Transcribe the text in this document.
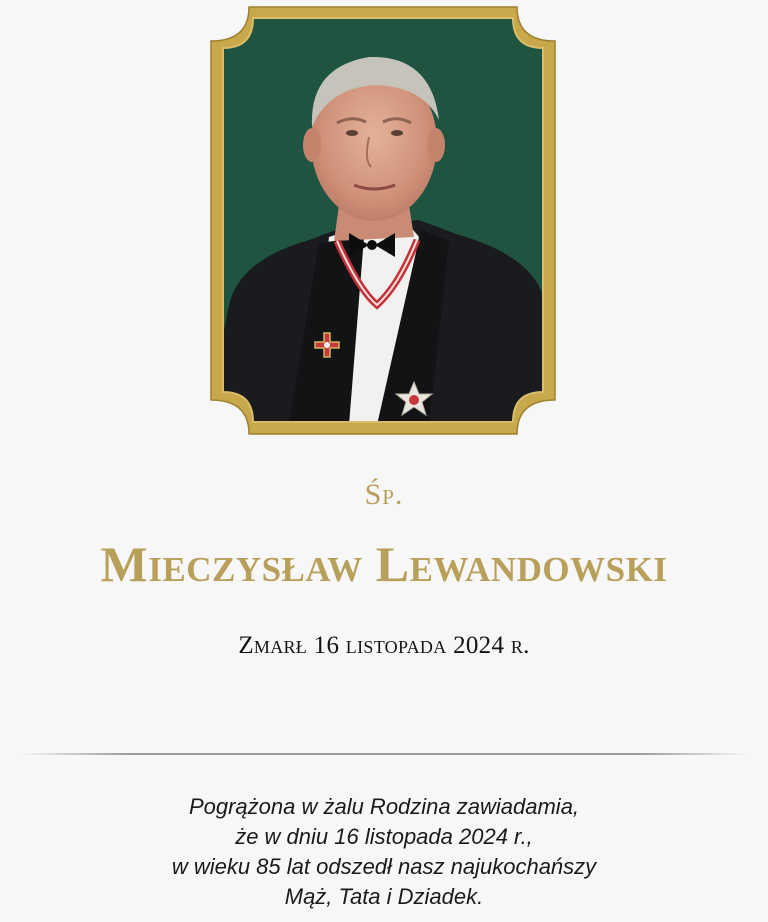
Śp.
Mieczysław Lewandowski
Zmarł 16 listopada 2024 r.
Pogrążona w żalu Rodzina zawiadamia,
że w dniu 16 listopada 2024 r.,
w wieku 85 lat odszedł nasz najukochańszy
Mąż, Tata i Dziadek.
